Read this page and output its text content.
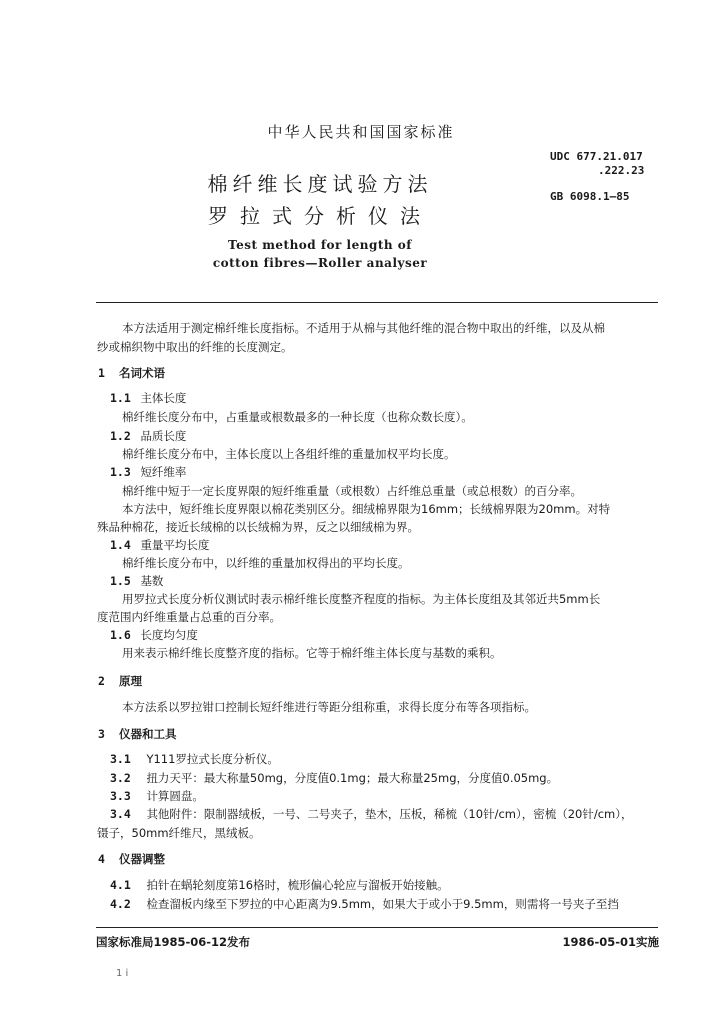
中华人民共和国国家标准
棉纤维长度试验方法
罗拉式分析仪法
Test method for length of
cotton fibres—Roller analyser
UDC 677.21.017
.222.23
GB 6098.1—85
本方法适用于测定棉纤维长度指标。不适用于从棉与其他纤维的混合物中取出的纤维，以及从棉
纱或棉织物中取出的纤维的长度测定。
1 名词术语
1.1 主体长度
棉纤维长度分布中，占重量或根数最多的一种长度（也称众数长度）。
1.2 品质长度
棉纤维长度分布中，主体长度以上各组纤维的重量加权平均长度。
1.3 短纤维率
棉纤维中短于一定长度界限的短纤维重量（或根数）占纤维总重量（或总根数）的百分率。
本方法中，短纤维长度界限以棉花类别区分。细绒棉界限为16mm；长绒棉界限为20mm。对特
殊品种棉花，接近长绒棉的以长绒棉为界，反之以细绒棉为界。
1.4 重量平均长度
棉纤维长度分布中，以纤维的重量加权得出的平均长度。
1.5 基数
用罗拉式长度分析仪测试时表示棉纤维长度整齐程度的指标。为主体长度组及其邻近共5mm长
度范围内纤维重量占总重的百分率。
1.6 长度均匀度
用来表示棉纤维长度整齐度的指标。它等于棉纤维主体长度与基数的乘积。
2 原理
本方法系以罗拉钳口控制长短纤维进行等距分组称重，求得长度分布等各项指标。
3 仪器和工具
3.1 Y111罗拉式长度分析仪。
3.2 扭力天平：最大称量50mg，分度值0.1mg；最大称量25mg，分度值0.05mg。
3.3 计算圆盘。
3.4 其他附件：限制器绒板，一号、二号夹子，垫木，压板，稀梳（10针/cm），密梳（20针/cm），
镊子，50mm纤维尺，黑绒板。
4 仪器调整
4.1 拍针在蜗轮刻度第16格时，梳形偏心轮应与溜板开始接触。
4.2 检查溜板内缘至下罗拉的中心距离为9.5mm，如果大于或小于9.5mm，则需将一号夹子至挡
国家标准局1985-06-12发布	1986-05-01实施
1 i
